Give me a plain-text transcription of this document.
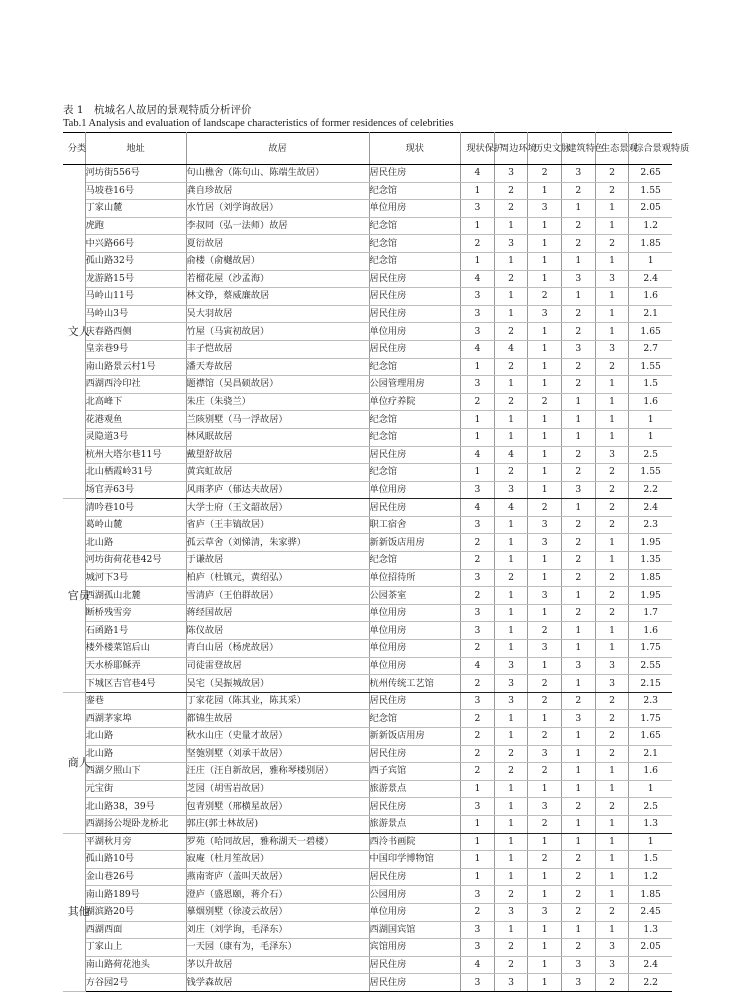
表 1　杭城名人故居的景观特质分析评价
Tab.1 Analysis and evaluation of landscape characteristics of former residences of celebrities
分类	地址	故居	现状	现状保护	周边环境	历史文脉	建筑特色	生态景观	综合景观特质
文人	河坊街556号	句山樵舍（陈句山、陈端生故居）	居民住房	4	3	2	3	2	2.65
	马坡巷16号	龚自珍故居	纪念馆	1	2	1	2	2	1.55
	丁家山麓	水竹居（刘学询故居）	单位用房	3	2	3	1	1	2.05
	虎跑	李叔同（弘一法师）故居	纪念馆	1	1	1	2	1	1.2
	中兴路66号	夏衍故居	纪念馆	2	3	1	2	2	1.85
	孤山路32号	俞楼（俞樾故居）	纪念馆	1	1	1	1	1	1
	龙游路15号	若榴花屋（沙孟海）	居民住房	4	2	1	3	3	2.4
	马岭山11号	林文铮，蔡威廉故居	居民住房	3	1	2	1	1	1.6
	马岭山3号	吴大羽故居	居民住房	3	1	3	2	1	2.1
	庆春路西侧	竹屋（马寅初故居）	单位用房	3	2	1	2	1	1.65
	皇亲巷9号	丰子恺故居	居民住房	4	4	1	3	3	2.7
	南山路景云村1号	潘天寿故居	纪念馆	1	2	1	2	2	1.55
	西湖西泠印社	题襟馆（吴昌硕故居）	公园管理用房	3	1	1	2	1	1.5
	北高峰下	朱庄（朱骁兰）	单位疗养院	2	2	2	1	1	1.6
	花港观鱼	兰陔别墅（马一浮故居）	纪念馆	1	1	1	1	1	1
	灵隐道3号	林风眠故居	纪念馆	1	1	1	1	1	1
	杭州大塔尔巷11号	戴望舒故居	居民住房	4	4	1	2	3	2.5
	北山栖霞岭31号	黄宾虹故居	纪念馆	1	2	1	2	2	1.55
	场官弄63号	风雨茅庐（郁达夫故居）	单位用房	3	3	1	3	2	2.2
官员	清吟巷10号	大学士府（王文韶故居）	居民住房	4	4	2	1	2	2.4
	葛岭山麓	省庐（王丰镐故居）	职工宿舍	3	1	3	2	2	2.3
	北山路	孤云草舍（刘悌清，朱家骅）	新新饭店用房	2	1	3	2	1	1.95
	河坊街荷花巷42号	于谦故居	纪念馆	2	1	1	2	1	1.35
	城河下3号	柏庐（杜镇元，黄绍弘）	单位招待所	3	2	1	2	2	1.85
	西湖孤山北麓	雪清庐（王伯群故居）	公园茶室	2	1	3	1	2	1.95
	断桥残雪旁	蒋经国故居	单位用房	3	1	1	2	2	1.7
	石函路1号	陈仪故居	单位用房	3	1	2	1	1	1.6
	楼外楼菜馆后山	青白山居（杨虎故居）	单位用房	2	1	3	1	1	1.75
	天水桥耶稣弄	司徒雷登故居	单位用房	4	3	1	3	3	2.55
	下城区吉官巷4号	吴宅（吴振城故居）	杭州传统工艺馆	2	3	2	1	3	2.15
商人	銮巷	丁家花园（陈其业，陈其采）	居民住房	3	3	2	2	2	2.3
	西湖茅家埠	都锦生故居	纪念馆	2	1	1	3	2	1.75
	北山路	秋水山庄（史量才故居）	新新饭店用房	2	1	2	1	2	1.65
	北山路	坚匏别墅（刘承干故居）	居民住房	2	2	3	1	2	2.1
	西湖夕照山下	汪庄（汪自新故居，雅称琴楼别居）	西子宾馆	2	2	2	1	1	1.6
	元宝街	芝园（胡雪岩故居）	旅游景点	1	1	1	1	1	1
	北山路38，39号	包青别墅（邢横星故居）	居民住房	3	1	3	2	2	2.5
	西湖扬公堤卧龙桥北	郭庄(郭士林故居)	旅游景点	1	1	2	1	1	1.3
其他	平湖秋月旁	罗苑（哈同故居，雅称湖天一碧楼）	西泠书画院	1	1	1	1	1	1
	孤山路10号	寂庵（杜月笙故居）	中国印学博物馆	1	1	2	2	1	1.5
	金山巷26号	燕南寄庐（盖叫天故居）	居民住房	1	1	1	2	1	1.2
	南山路189号	澄庐（盛恩颐，蒋介石）	公园用房	3	2	1	2	1	1.85
	湖滨路20号	摹烟别墅（徐凌云故居）	单位用房	2	3	3	2	2	2.45
	西湖西面	刘庄（刘学询，毛泽东）	西湖国宾馆	3	1	1	1	1	1.3
	丁家山上	一天园（康有为，毛泽东）	宾馆用房	3	2	1	2	3	2.05
	南山路荷花池头	茅以升故居	居民住房	4	2	1	3	3	2.4
	方谷园2号	钱学森故居	居民住房	3	3	1	3	2	2.2
